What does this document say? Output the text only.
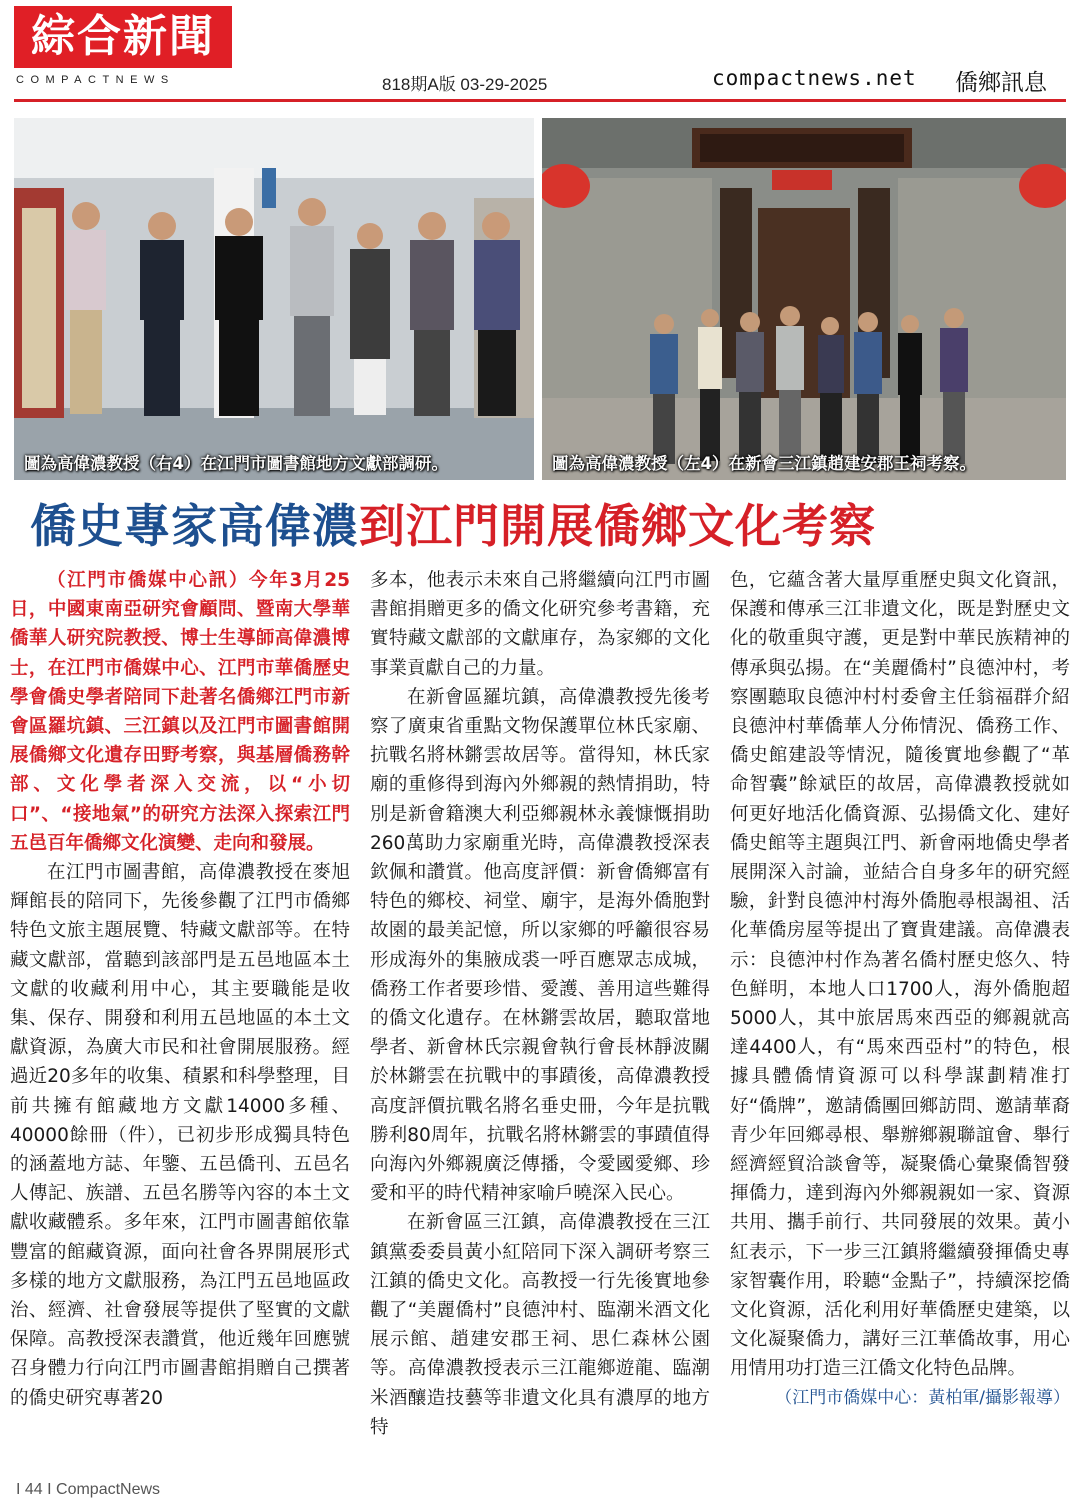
綜合新聞
COMPACTNEWS	818期A版 03-29-2025	compactnews.net 僑鄉訊息
圖為高偉濃教授（右4）在江門市圖書館地方文獻部調研。	圖為高偉濃教授（左4）在新會三江鎮趙建安郡王祠考察。
僑史專家高偉濃到江門開展僑鄉文化考察

（江門市僑媒中心訊）今年3月25日，中國東南亞研究會顧問、暨南大學華僑華人研究院教授、博士生導師高偉濃博士，在江門市僑媒中心、江門市華僑歷史學會僑史學者陪同下赴著名僑鄉江門市新會區羅坑鎮、三江鎮以及江門市圖書館開展僑鄉文化遺存田野考察，與基層僑務幹部、文化學者深入交流，以“小切口”、“接地氣”的研究方法深入探索江門五邑百年僑鄉文化演變、走向和發展。

在江門市圖書館，高偉濃教授在麥旭輝館長的陪同下，先後參觀了江門市僑鄉特色文旅主題展覽、特藏文獻部等。在特藏文獻部，當聽到該部門是五邑地區本土文獻的收藏利用中心，其主要職能是收集、保存、開發和利用五邑地區的本土文獻資源，為廣大市民和社會開展服務。經過近20多年的收集、積累和科學整理，目前共擁有館藏地方文獻14000多種、40000餘冊（件），已初步形成獨具特色的涵蓋地方誌、年鑒、五邑僑刊、五邑名人傳記、族譜、五邑名勝等內容的本土文獻收藏體系。多年來，江門市圖書館依靠豐富的館藏資源，面向社會各界開展形式多樣的地方文獻服務，為江門五邑地區政治、經濟、社會發展等提供了堅實的文獻保障。高教授深表讚賞，他近幾年回應號召身體力行向江門市圖書館捐贈自己撰著的僑史研究專著20

多本，他表示未來自己將繼續向江門市圖書館捐贈更多的僑文化研究參考書籍，充實特藏文獻部的文獻庫存，為家鄉的文化事業貢獻自己的力量。

在新會區羅坑鎮，高偉濃教授先後考察了廣東省重點文物保護單位林氏家廟、抗戰名將林鏘雲故居等。當得知，林氏家廟的重修得到海內外鄉親的熱情捐助，特別是新會籍澳大利亞鄉親林永義慷慨捐助260萬助力家廟重光時，高偉濃教授深表欽佩和讚賞。他高度評價：新會僑鄉富有特色的鄉校、祠堂、廟宇，是海外僑胞對故園的最美記憶，所以家鄉的呼籲很容易形成海外的集腋成裘一呼百應眾志成城，僑務工作者要珍惜、愛護、善用這些難得的僑文化遺存。在林鏘雲故居，聽取當地學者、新會林氏宗親會執行會長林靜波關於林鏘雲在抗戰中的事蹟後，高偉濃教授高度評價抗戰名將名垂史冊，今年是抗戰勝利80周年，抗戰名將林鏘雲的事蹟值得向海內外鄉親廣泛傳播，令愛國愛鄉、珍愛和平的時代精神家喻戶曉深入民心。

在新會區三江鎮，高偉濃教授在三江鎮黨委委員黃小紅陪同下深入調研考察三江鎮的僑史文化。高教授一行先後實地參觀了“美麗僑村”良德沖村、臨潮米酒文化展示館、趙建安郡王祠、思仁森林公園等。高偉濃教授表示三江龍鄉遊龍、臨潮米酒釀造技藝等非遺文化具有濃厚的地方特

色，它蘊含著大量厚重歷史與文化資訊，保護和傳承三江非遺文化，既是對歷史文化的敬重與守護，更是對中華民族精神的傳承與弘揚。在“美麗僑村”良德沖村，考察團聽取良德沖村村委會主任翁福群介紹良德沖村華僑華人分佈情況、僑務工作、僑史館建設等情況，隨後實地參觀了“革命智囊”餘斌臣的故居，高偉濃教授就如何更好地活化僑資源、弘揚僑文化、建好僑史館等主題與江門、新會兩地僑史學者展開深入討論，並結合自身多年的研究經驗，針對良德沖村海外僑胞尋根謁祖、活化華僑房屋等提出了寶貴建議。高偉濃表示：良德沖村作為著名僑村歷史悠久、特色鮮明，本地人口1700人，海外僑胞超5000人，其中旅居馬來西亞的鄉親就高達4400人，有“馬來西亞村”的特色，根據具體僑情資源可以科學謀劃精准打好“僑牌”，邀請僑團回鄉訪問、邀請華裔青少年回鄉尋根、舉辦鄉親聯誼會、舉行經濟經貿洽談會等，凝聚僑心彙聚僑智發揮僑力，達到海內外鄉親親如一家、資源共用、攜手前行、共同發展的效果。黃小紅表示，下一步三江鎮將繼續發揮僑史專家智囊作用，聆聽“金點子”，持續深挖僑文化資源，活化利用好華僑歷史建築，以文化凝聚僑力，講好三江華僑故事，用心用情用功打造三江僑文化特色品牌。

（江門市僑媒中心：黃柏軍/攝影報導）

I 44 I CompactNews
